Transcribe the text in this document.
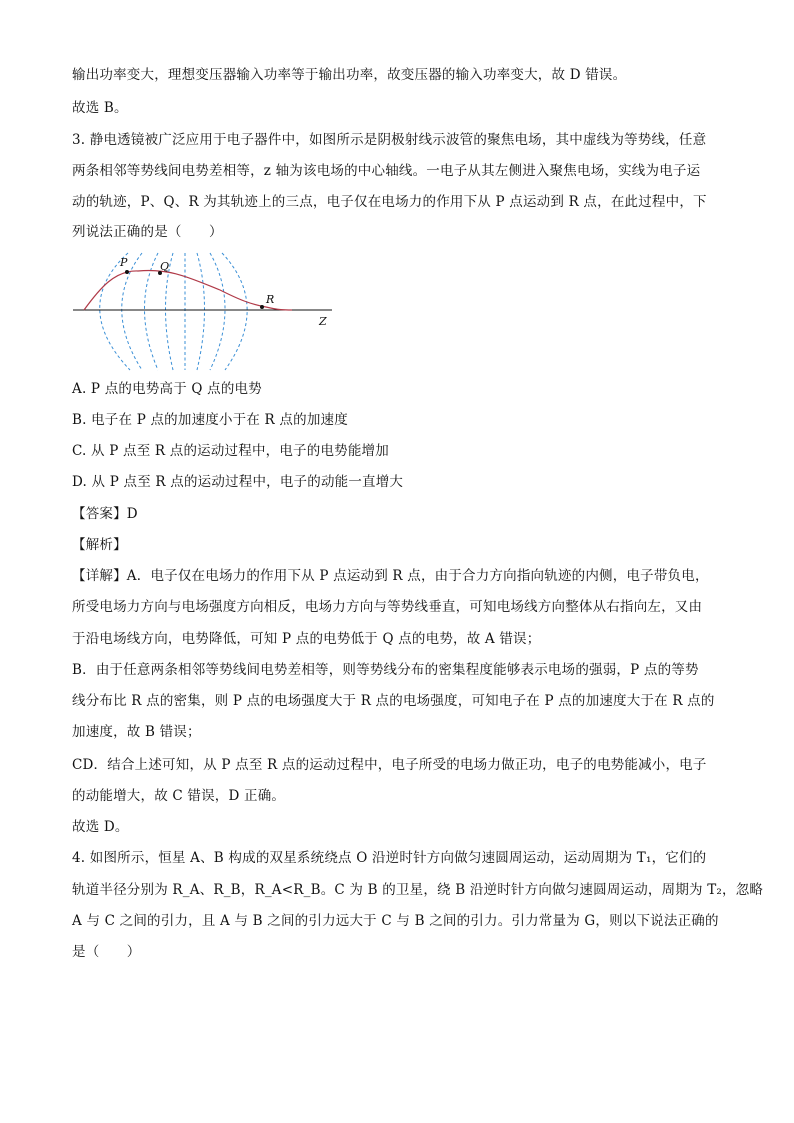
输出功率变大，理想变压器输入功率等于输出功率，故变压器的输入功率变大，故 D 错误。
故选 B。
3. 静电透镜被广泛应用于电子器件中，如图所示是阴极射线示波管的聚焦电场，其中虚线为等势线，任意
两条相邻等势线间电势差相等，z 轴为该电场的中心轴线。一电子从其左侧进入聚焦电场，实线为电子运
动的轨迹，P、Q、R 为其轨迹上的三点，电子仅在电场力的作用下从 P 点运动到 R 点，在此过程中，下
列说法正确的是（　　）
P	Q
R
Z
A. P 点的电势高于 Q 点的电势
B. 电子在 P 点的加速度小于在 R 点的加速度
C. 从 P 点至 R 点的运动过程中，电子的电势能增加
D. 从 P 点至 R 点的运动过程中，电子的动能一直增大
【答案】D
【解析】
【详解】A．电子仅在电场力的作用下从 P 点运动到 R 点，由于合力方向指向轨迹的内侧，电子带负电，
所受电场力方向与电场强度方向相反，电场力方向与等势线垂直，可知电场线方向整体从右指向左，又由
于沿电场线方向，电势降低，可知 P 点的电势低于 Q 点的电势，故 A 错误；
B．由于任意两条相邻等势线间电势差相等，则等势线分布的密集程度能够表示电场的强弱，P 点的等势
线分布比 R 点的密集，则 P 点的电场强度大于 R 点的电场强度，可知电子在 P 点的加速度大于在 R 点的
加速度，故 B 错误；
CD．结合上述可知，从 P 点至 R 点的运动过程中，电子所受的电场力做正功，电子的电势能减小，电子
的动能增大，故 C 错误，D 正确。
故选 D。
4. 如图所示，恒星 A、B 构成的双星系统绕点 O 沿逆时针方向做匀速圆周运动，运动周期为 T₁，它们的
轨道半径分别为 R_A、R_B，R_A<R_B。C 为 B 的卫星，绕 B 沿逆时针方向做匀速圆周运动，周期为 T₂，忽略
A 与 C 之间的引力，且 A 与 B 之间的引力远大于 C 与 B 之间的引力。引力常量为 G，则以下说法正确的
是（　　）
